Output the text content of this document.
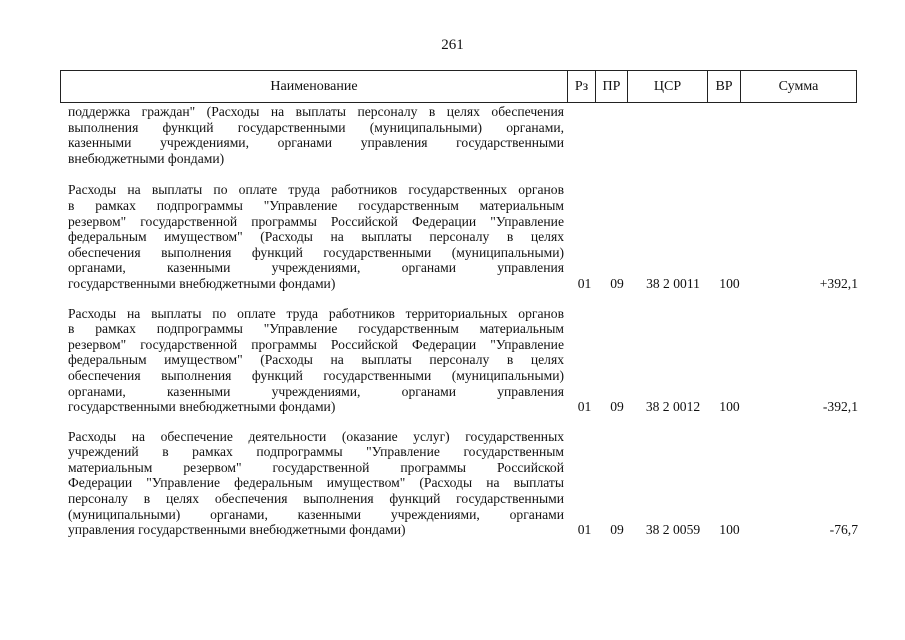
261
Наименование	Рз	ПР	ЦСР	ВР	Сумма
поддержка граждан" (Расходы на выплаты персоналу в целях обеспечения
выполнения функций государственными (муниципальными) органами,
казенными учреждениями, органами управления государственными
внебюджетными фондами)
Расходы на выплаты по оплате труда работников государственных органов
в рамках подпрограммы "Управление государственным материальным
резервом" государственной программы Российской Федерации "Управление
федеральным имуществом" (Расходы на выплаты персоналу в целях
обеспечения выполнения функций государственными (муниципальными)
органами, казенными учреждениями, органами управления
государственными внебюджетными фондами)	01	09	38 2 0011	100	+392,1
Расходы на выплаты по оплате труда работников территориальных органов
в рамках подпрограммы "Управление государственным материальным
резервом" государственной программы Российской Федерации "Управление
федеральным имуществом" (Расходы на выплаты персоналу в целях
обеспечения выполнения функций государственными (муниципальными)
органами, казенными учреждениями, органами управления
государственными внебюджетными фондами)	01	09	38 2 0012	100	-392,1
Расходы на обеспечение деятельности (оказание услуг) государственных
учреждений в рамках подпрограммы "Управление государственным
материальным резервом" государственной программы Российской
Федерации "Управление федеральным имуществом" (Расходы на выплаты
персоналу в целях обеспечения выполнения функций государственными
(муниципальными) органами, казенными учреждениями, органами
управления государственными внебюджетными фондами)	01	09	38 2 0059	100	-76,7
